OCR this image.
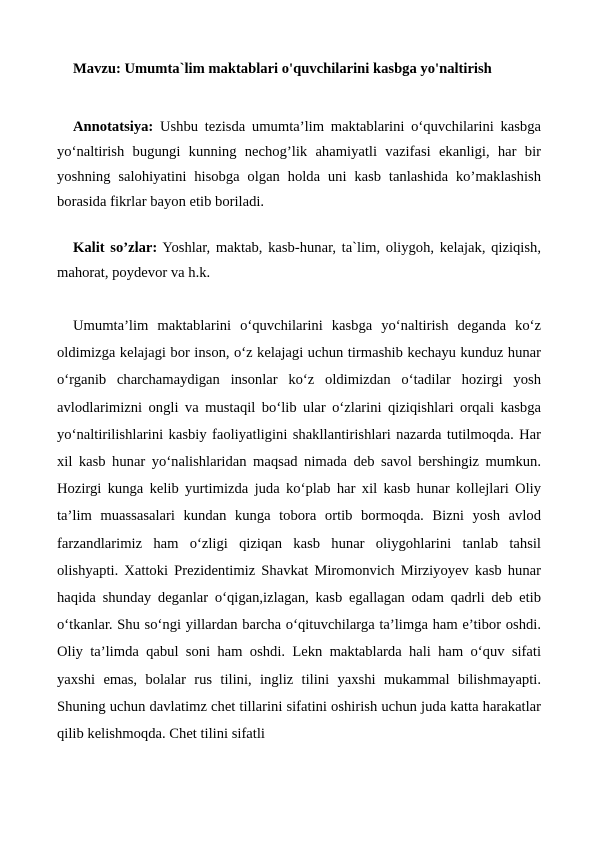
Mavzu: Umumta`lim maktablari o'quvchilarini kasbga yo'naltirish

Annotatsiya: Ushbu tezisda umumta’lim maktablarini o‘quvchilarini kasbga yo‘naltirish bugungi kunning nechog’lik ahamiyatli vazifasi ekanligi, har bir yoshning salohiyatini hisobga olgan holda uni kasb tanlashida ko’maklashish borasida fikrlar bayon etib boriladi.

Kalit so’zlar: Yoshlar, maktab, kasb-hunar, ta`lim, oliygoh, kelajak, qiziqish, mahorat, poydevor va h.k.

Umumta’lim maktablarini o‘quvchilarini kasbga yo‘naltirish deganda ko‘z oldimizga kelajagi bor inson, o‘z kelajagi uchun tirmashib kechayu kunduz hunar o‘rganib charchamaydigan insonlar ko‘z oldimizdan o‘tadilar hozirgi yosh avlodlarimizni ongli va mustaqil bo‘lib ular o‘zlarini qiziqishlari orqali kasbga yo‘naltirilishlarini kasbiy faoliyatligini shakllantirishlari nazarda tutilmoqda. Har xil kasb hunar yo‘nalishlaridan maqsad nimada deb savol bershingiz mumkun. Hozirgi kunga kelib yurtimizda juda ko‘plab har xil kasb hunar kollejlari Oliy ta’lim muassasalari kundan kunga tobora ortib bormoqda. Bizni yosh avlod farzandlarimiz ham o‘zligi qiziqan kasb hunar oliygohlarini tanlab tahsil olishyapti. Xattoki Prezidentimiz Shavkat Miromonvich Mirziyoyev kasb hunar haqida shunday deganlar o‘qigan,izlagan, kasb egallagan odam qadrli deb etib o‘tkanlar. Shu so‘ngi yillardan barcha o‘qituvchilarga ta’limga ham e’tibor oshdi. Oliy ta’limda qabul soni ham oshdi. Lekn maktablarda hali ham o‘quv sifati yaxshi emas, bolalar rus tilini, ingliz tilini yaxshi mukammal bilishmayapti. Shuning uchun davlatimz chet tillarini sifatini oshirish uchun juda katta harakatlar qilib kelishmoqda. Chet tilini sifatli
